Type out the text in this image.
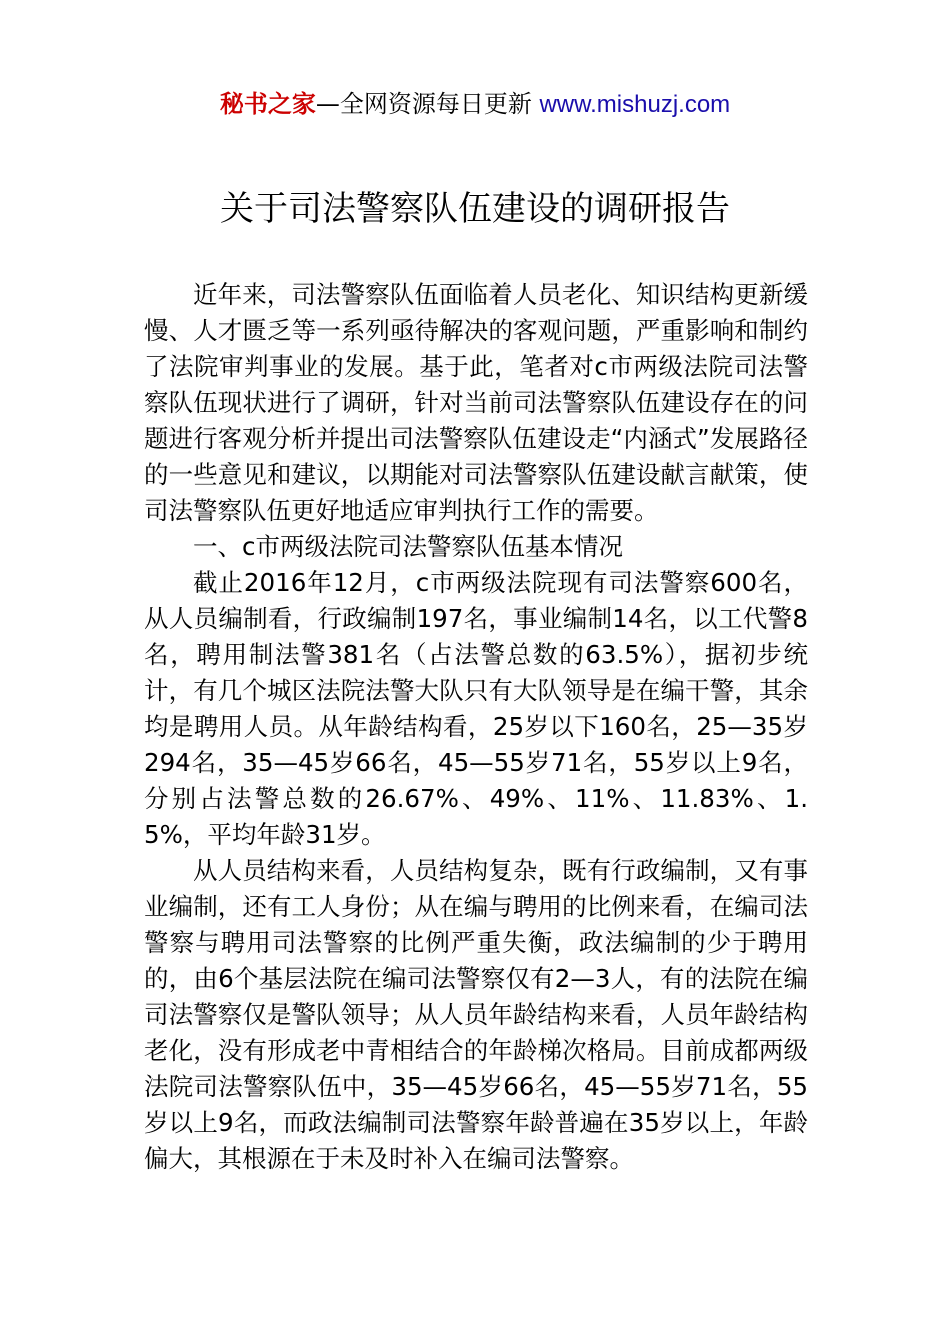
秘书之家—全网资源每日更新 www.mishuzj.com
关于司法警察队伍建设的调研报告

近年来，司法警察队伍面临着人员老化、知识结构更新缓慢、人才匮乏等一系列亟待解决的客观问题，严重影响和制约了法院审判事业的发展。基于此，笔者对c市两级法院司法警察队伍现状进行了调研，针对当前司法警察队伍建设存在的问题进行客观分析并提出司法警察队伍建设走“内涵式”发展路径的一些意见和建议，以期能对司法警察队伍建设献言献策，使司法警察队伍更好地适应审判执行工作的需要。

一、c市两级法院司法警察队伍基本情况

截止2016年12月，c市两级法院现有司法警察600名，从人员编制看，行政编制197名，事业编制14名，以工代警8名，聘用制法警381名（占法警总数的63.5%），据初步统计，有几个城区法院法警大队只有大队领导是在编干警，其余均是聘用人员。从年龄结构看，25岁以下160名，25—35岁294名，35—45岁66名，45—55岁71名，55岁以上9名，分别占法警总数的26.67%、49%、11%、11.83%、1.5%，平均年龄31岁。

从人员结构来看，人员结构复杂，既有行政编制，又有事业编制，还有工人身份；从在编与聘用的比例来看，在编司法警察与聘用司法警察的比例严重失衡，政法编制的少于聘用的，由6个基层法院在编司法警察仅有2—3人，有的法院在编司法警察仅是警队领导；从人员年龄结构来看，人员年龄结构老化，没有形成老中青相结合的年龄梯次格局。目前成都两级法院司法警察队伍中，35—45岁66名，45—55岁71名，55岁以上9名，而政法编制司法警察年龄普遍在35岁以上，年龄偏大，其根源在于未及时补入在编司法警察。
